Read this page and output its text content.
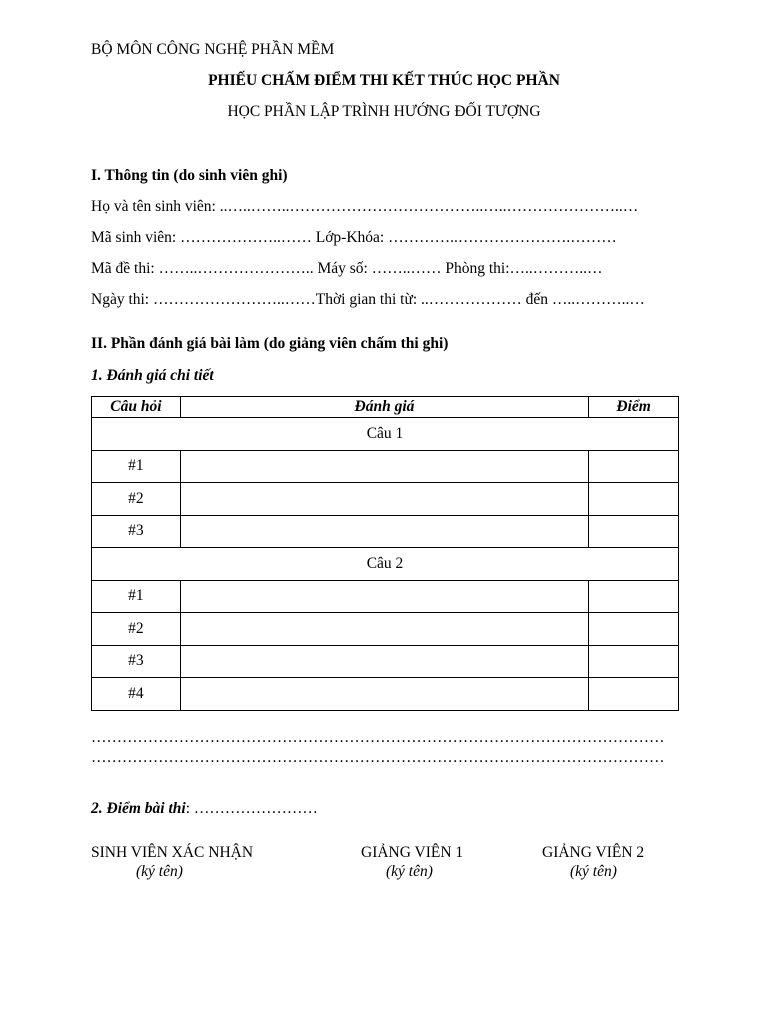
BỘ MÔN CÔNG NGHỆ PHẦN MỀM
PHIẾU CHẤM ĐIỂM THI KẾT THÚC HỌC PHẦN
HỌC PHẦN LẬP TRÌNH HƯỚNG ĐỐI TƯỢNG
I. Thông tin (do sinh viên ghi)
Họ và tên sinh viên: ..…..……..………………………………..…..…………………..…
Mã sinh viên: ………………..…… Lớp-Khóa: …………..………………….………
Mã đề thi: ……..………………….. Máy số: ……..…… Phòng thi:…..………..…
Ngày thi: ……………………..……Thời gian thi từ: ..……………… đến …..………..…
II. Phần đánh giá bài làm (do giảng viên chấm thi ghi)
1. Đánh giá chi tiết
Câu hỏi	Đánh giá	Điểm
Câu 1		
#1		
#2		
#3		
Câu 2		
#1		
#2		
#3		
#4		
…………………………………………………………………………………………………
…………………………………………………………………………………………………
2. Điểm bài thi: ……………………
SINH VIÊN XÁC NHẬN
(ký tên)
GIẢNG VIÊN 1
(ký tên)
GIẢNG VIÊN 2
(ký tên)
